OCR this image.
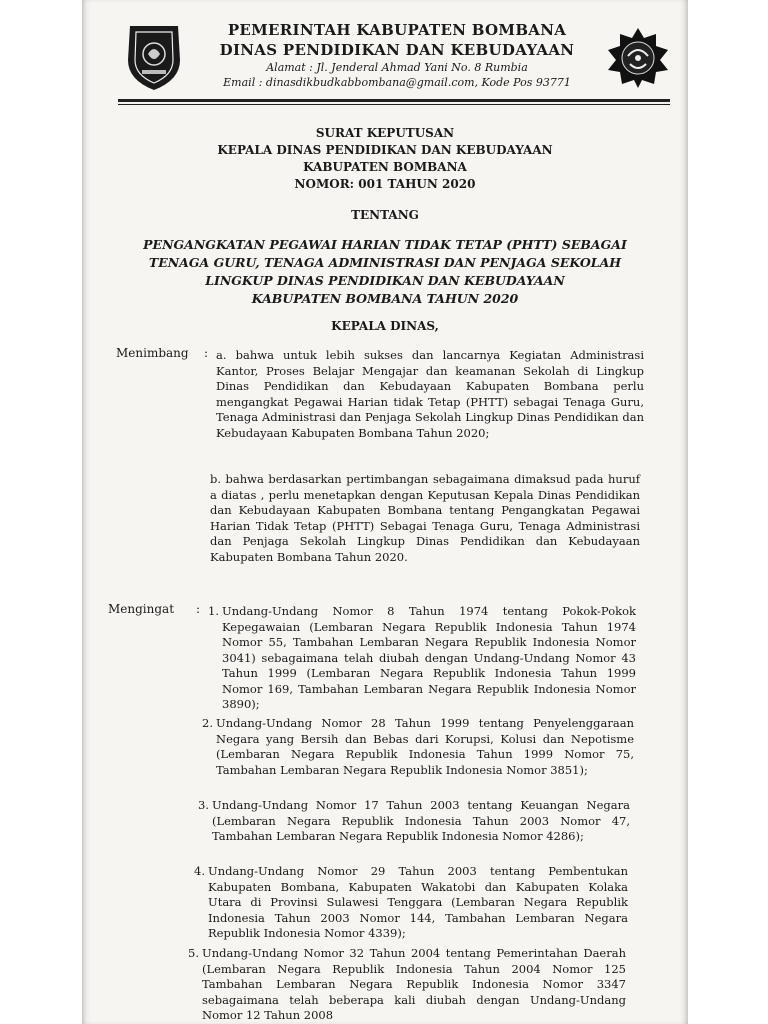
PEMERINTAH KABUPATEN BOMBANA
DINAS PENDIDIKAN DAN KEBUDAYAAN
Alamat : Jl. Jenderal Ahmad Yani No. 8 Rumbia
Email : dinasdikbudkabbombana@gmail.com, Kode Pos 93771
SURAT KEPUTUSAN
KEPALA DINAS PENDIDIKAN DAN KEBUDAYAAN
KABUPATEN BOMBANA
NOMOR: 001 TAHUN 2020
TENTANG
PENGANGKATAN PEGAWAI HARIAN TIDAK TETAP (PHTT) SEBAGAI
TENAGA GURU, TENAGA ADMINISTRASI DAN PENJAGA SEKOLAH
LINGKUP DINAS PENDIDIKAN DAN KEBUDAYAAN
KABUPATEN BOMBANA TAHUN 2020
KEPALA DINAS,
Menimbang : a. bahwa untuk lebih sukses dan lancarnya Kegiatan Administrasi Kantor, Proses Belajar Mengajar dan keamanan Sekolah di Lingkup Dinas Pendidikan dan Kebudayaan Kabupaten Bombana perlu mengangkat Pegawai Harian tidak Tetap (PHTT) sebagai Tenaga Guru, Tenaga Administrasi dan Penjaga Sekolah Lingkup Dinas Pendidikan dan Kebudayaan Kabupaten Bombana Tahun 2020;
b. bahwa berdasarkan pertimbangan sebagaimana dimaksud pada huruf a diatas , perlu menetapkan dengan Keputusan Kepala Dinas Pendidikan dan Kebudayaan Kabupaten Bombana tentang Pengangkatan Pegawai Harian Tidak Tetap (PHTT) Sebagai Tenaga Guru, Tenaga Administrasi dan Penjaga Sekolah Lingkup Dinas Pendidikan dan Kebudayaan Kabupaten Bombana Tahun 2020.
Mengingat : 1. Undang-Undang Nomor 8 Tahun 1974 tentang Pokok-Pokok Kepegawaian (Lembaran Negara Republik Indonesia Tahun 1974 Nomor 55, Tambahan Lembaran Negara Republik Indonesia Nomor 3041) sebagaimana telah diubah dengan Undang-Undang Nomor 43 Tahun 1999 (Lembaran Negara Republik Indonesia Tahun 1999 Nomor 169, Tambahan Lembaran Negara Republik Indonesia Nomor 3890);
2. Undang-Undang Nomor 28 Tahun 1999 tentang Penyelenggaraan Negara yang Bersih dan Bebas dari Korupsi, Kolusi dan Nepotisme (Lembaran Negara Republik Indonesia Tahun 1999 Nomor 75, Tambahan Lembaran Negara Republik Indonesia Nomor 3851);
3. Undang-Undang Nomor 17 Tahun 2003 tentang Keuangan Negara (Lembaran Negara Republik Indonesia Tahun 2003 Nomor 47, Tambahan Lembaran Negara Republik Indonesia Nomor 4286);
4. Undang-Undang Nomor 29 Tahun 2003 tentang Pembentukan Kabupaten Bombana, Kabupaten Wakatobi dan Kabupaten Kolaka Utara di Provinsi Sulawesi Tenggara (Lembaran Negara Republik Indonesia Tahun 2003 Nomor 144, Tambahan Lembaran Negara Republik Indonesia Nomor 4339);
5. Undang-Undang Nomor 32 Tahun 2004 tentang Pemerintahan Daerah (Lembaran Negara Republik Indonesia Tahun 2004 Nomor 125 Tambahan Lembaran Negara Republik Indonesia Nomor 3347 sebagaimana telah beberapa kali diubah dengan Undang-Undang Nomor 12 Tahun 2008
